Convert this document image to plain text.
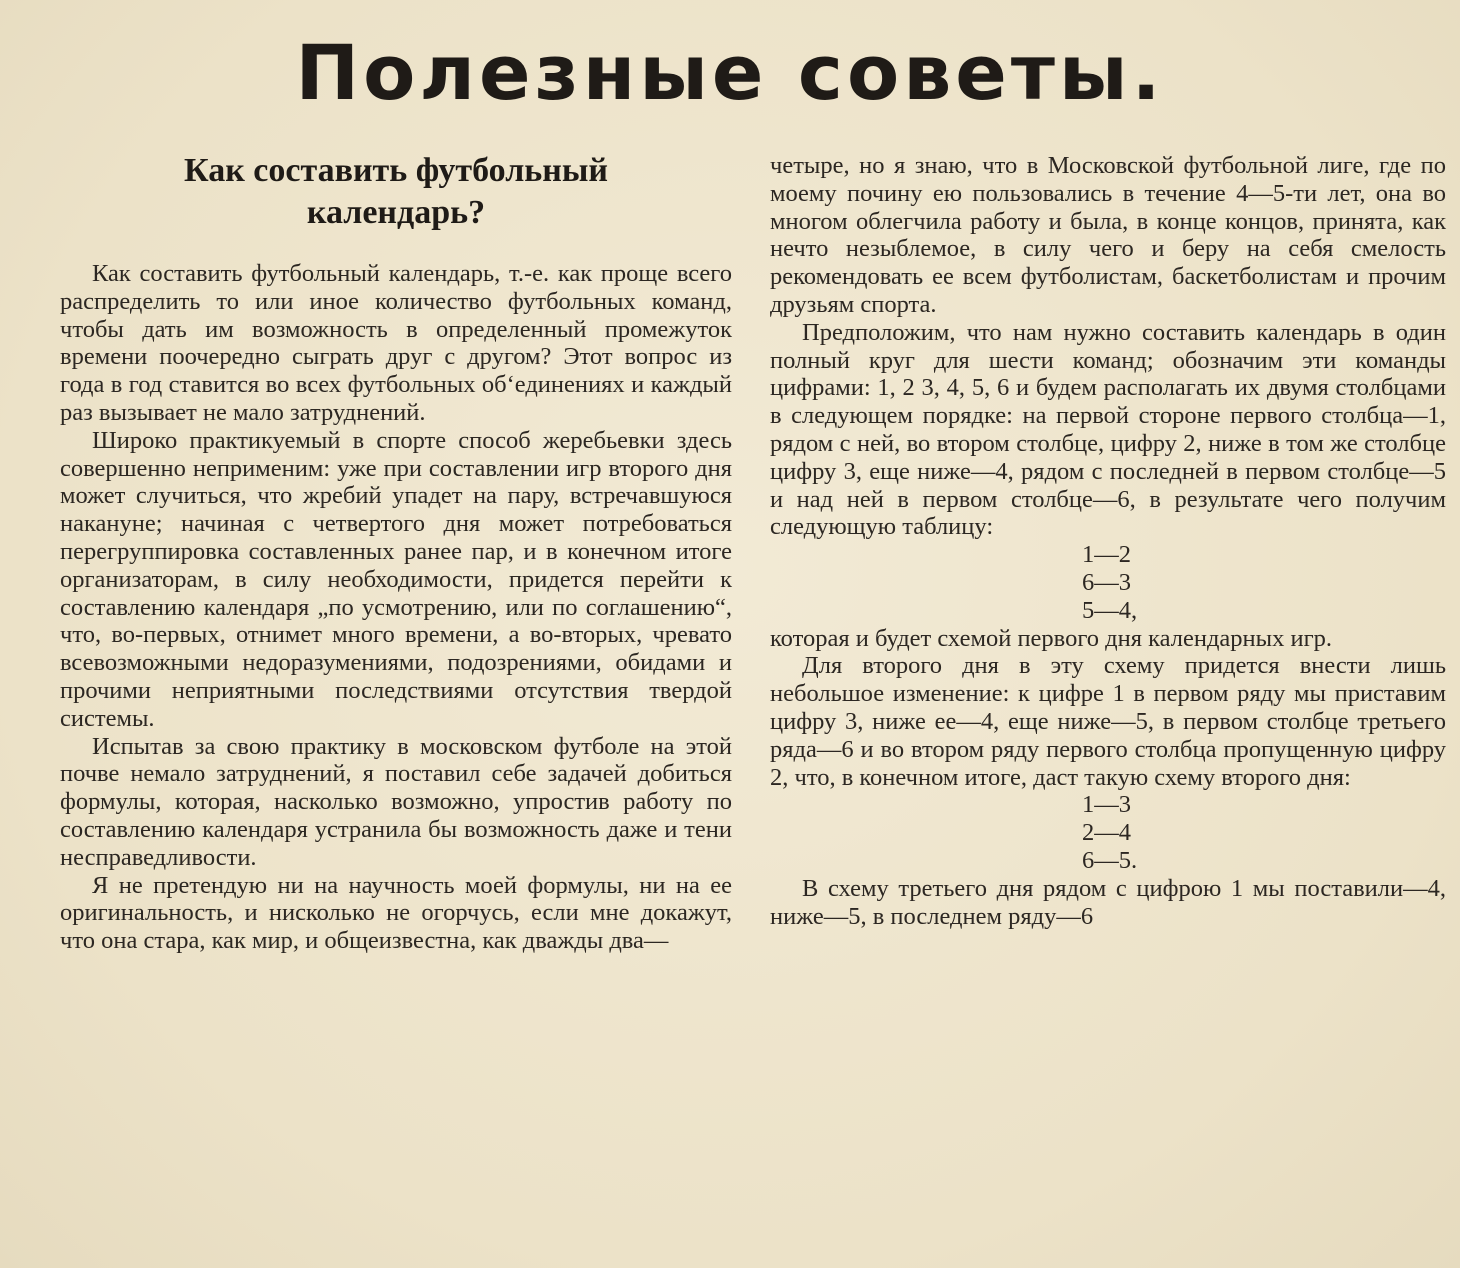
Полезные советы.
Как составить футбольный календарь?

Как составить футбольный календарь, т.-е. как проще всего распределить то или иное количество футбольных команд, чтобы дать им возможность в определенный промежуток времени поочередно сыграть друг с другом? Этот вопрос из года в год ставится во всех футбольных об‘единениях и каждый раз вызывает не мало затруднений.

Широко практикуемый в спорте способ жеребьевки здесь совершенно неприменим: уже при составлении игр второго дня может случиться, что жребий упадет на пару, встречавшуюся накануне; начиная с четвертого дня может потребоваться перегруппировка составленных ранее пар, и в конечном итоге организаторам, в силу необходимости, придется перейти к составлению календаря „по усмотрению, или по соглашению“, что, во-первых, отнимет много времени, а во-вторых, чревато всевозможными недоразумениями, подозрениями, обидами и прочими неприятными последствиями отсутствия твердой системы.

Испытав за свою практику в московском футболе на этой почве немало затруднений, я поставил себе задачей добиться формулы, которая, насколько возможно, упростив работу по составлению календаря устранила бы возможность даже и тени несправедливости.

Я не претендую ни на научность моей формулы, ни на ее оригинальность, и нисколько не огорчусь, если мне докажут, что она стара, как мир, и общеизвестна, как дважды два—

четыре, но я знаю, что в Московской футбольной лиге, где по моему почину ею пользовались в течение 4—5-ти лет, она во многом облегчила работу и была, в конце концов, принята, как нечто незыблемое, в силу чего и беру на себя смелость рекомендовать ее всем футболистам, баскетболистам и прочим друзьям спорта.

Предположим, что нам нужно составить календарь в один полный круг для шести команд; обозначим эти команды цифрами: 1, 2 3, 4, 5, 6 и будем располагать их двумя столбцами в следующем порядке: на первой стороне первого столбца—1, рядом с ней, во втором столбце, цифру 2, ниже в том же столбце цифру 3, еще ниже—4, рядом с последней в первом столбце—5 и над ней в первом столбце—6, в результате чего получим следующую таблицу:

1—2
6—3
5—4,

которая и будет схемой первого дня календарных игр.

Для второго дня в эту схему придется внести лишь небольшое изменение: к цифре 1 в первом ряду мы приставим цифру 3, ниже ее—4, еще ниже—5, в первом столбце третьего ряда—6 и во втором ряду первого столбца пропущенную цифру 2, что, в конечном итоге, даст такую схему второго дня:

1—3
2—4
6—5.

В схему третьего дня рядом с цифрою 1 мы поставили—4, ниже—5, в последнем ряду—6
